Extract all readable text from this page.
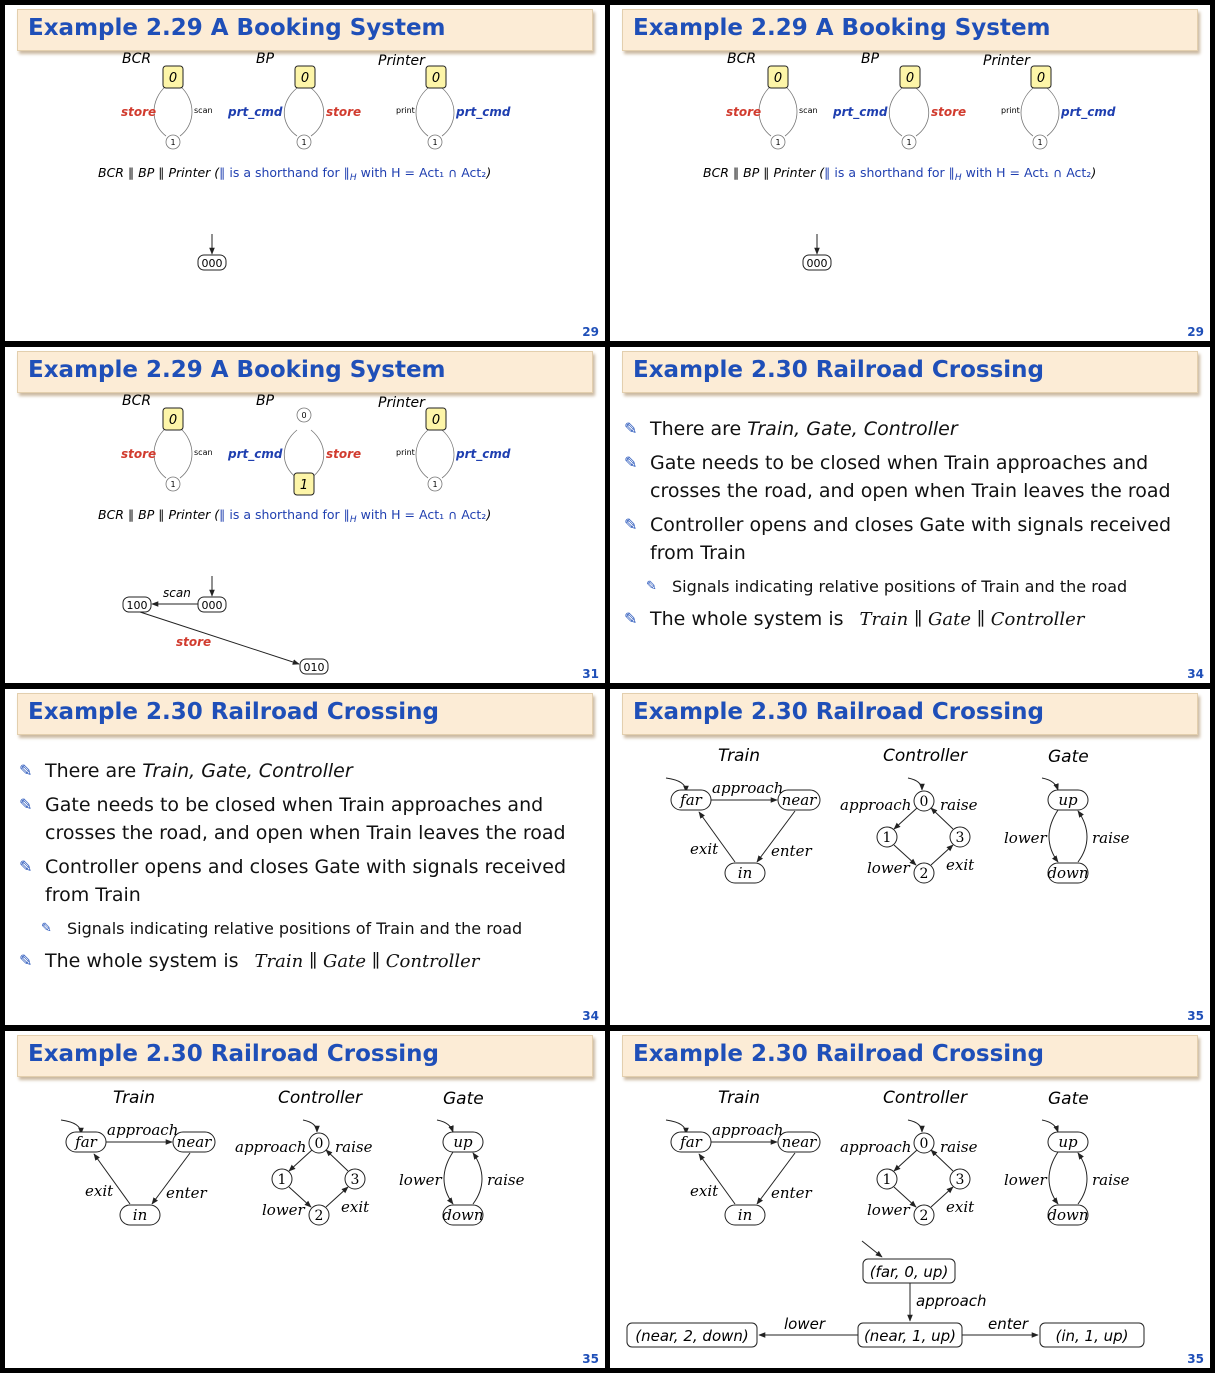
Example 2.29 A Booking System
0
1
0
1
0
1
000
29
Example 2.29 A Booking System
0
1
0
1
0
1
000
29
Example 2.29 A Booking System
0
1
0
1
0
1
000
100
010
scan
store
31
Example 2.30 Railroad Crossing
✎ There are Train, Gate, Controller
✎ Gate needs to be closed when Train approaches and crosses the road, and open when Train leaves the road
✎ Controller opens and closes Gate with signals received from Train
✎ Signals indicating relative positions of Train and the road
✎ The whole system is Train ∥ Gate ∥ Controller
34
Example 2.30 Railroad Crossing
✎ There are Train, Gate, Controller
✎ Gate needs to be closed when Train approaches and crosses the road, and open when Train leaves the road
✎ Controller opens and closes Gate with signals received from Train
✎ Signals indicating relative positions of Train and the road
✎ The whole system is Train ∥ Gate ∥ Controller
34
Example 2.30 Railroad Crossing
35
Example 2.30 Railroad Crossing
35
Example 2.30 Railroad Crossing
(far, 0, up)
(near, 1, up)
(near, 2, down)	(in, 1, up)
approach
lower	enter
35
